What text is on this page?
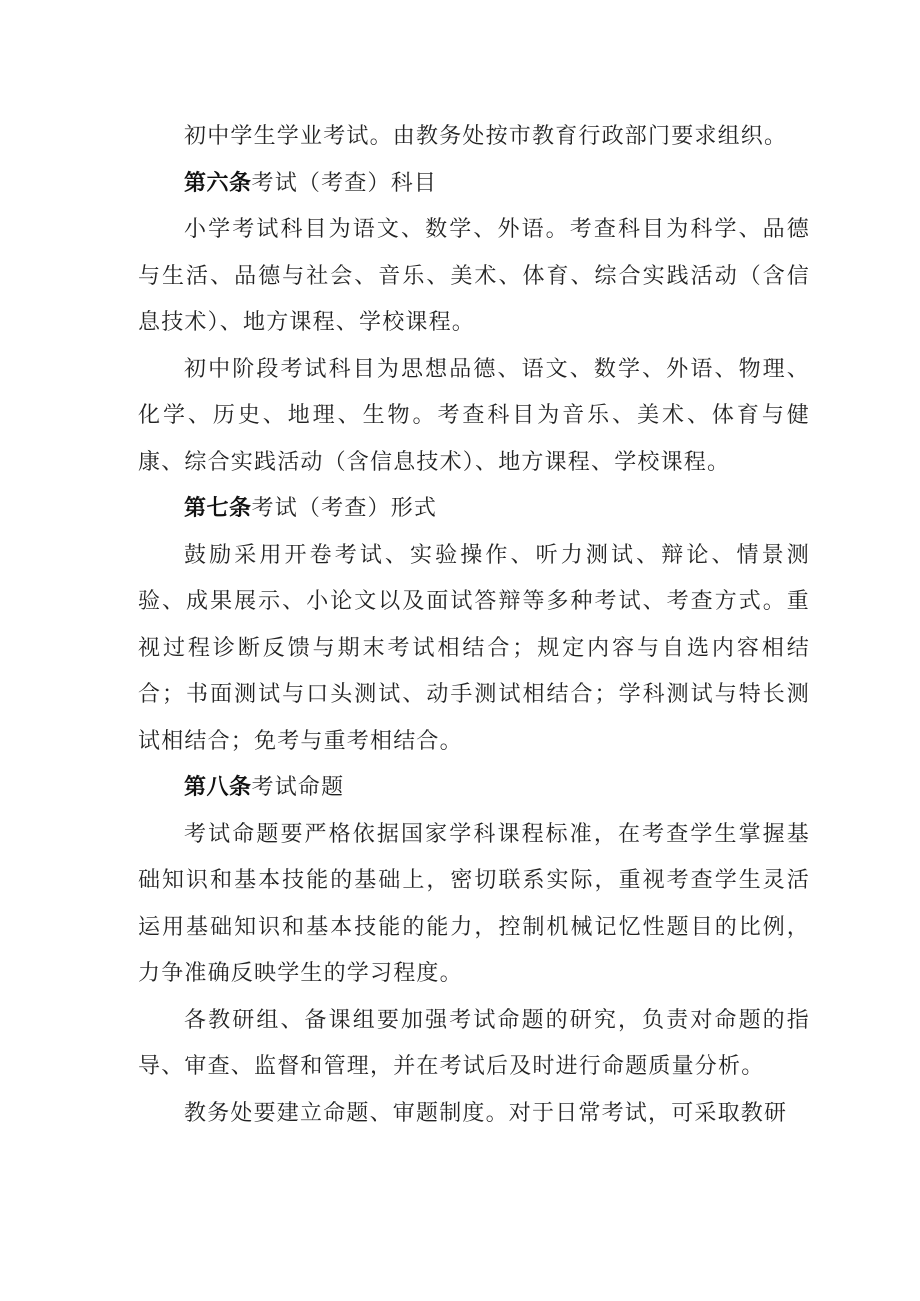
初中学生学业考试。由教务处按市教育行政部门要求组织。

第六条考试（考查）科目

小学考试科目为语文、数学、外语。考查科目为科学、品德与生活、品德与社会、音乐、美术、体育、综合实践活动（含信息技术）、地方课程、学校课程。

初中阶段考试科目为思想品德、语文、数学、外语、物理、化学、历史、地理、生物。考查科目为音乐、美术、体育与健康、综合实践活动（含信息技术）、地方课程、学校课程。

第七条考试（考查）形式

鼓励采用开卷考试、实验操作、听力测试、辩论、情景测验、成果展示、小论文以及面试答辩等多种考试、考查方式。重视过程诊断反馈与期末考试相结合；规定内容与自选内容相结合；书面测试与口头测试、动手测试相结合；学科测试与特长测试相结合；免考与重考相结合。

第八条考试命题

考试命题要严格依据国家学科课程标准，在考查学生掌握基础知识和基本技能的基础上，密切联系实际，重视考查学生灵活运用基础知识和基本技能的能力，控制机械记忆性题目的比例，力争准确反映学生的学习程度。

各教研组、备课组要加强考试命题的研究，负责对命题的指导、审查、监督和管理，并在考试后及时进行命题质量分析。

教务处要建立命题、审题制度。对于日常考试，可采取教研
